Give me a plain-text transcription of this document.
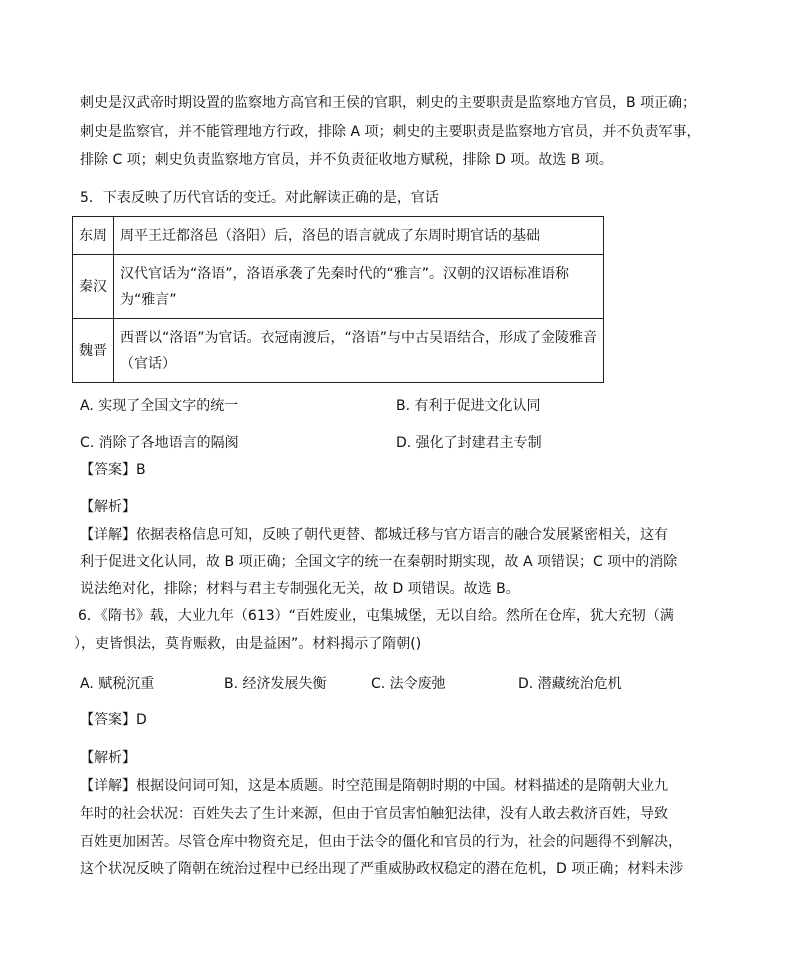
刺史是汉武帝时期设置的监察地方高官和王侯的官职，刺史的主要职责是监察地方官员，B 项正确；
刺史是监察官，并不能管理地方行政，排除 A 项；刺史的主要职责是监察地方官员，并不负责军事，
排除 C 项；刺史负责监察地方官员，并不负责征收地方赋税，排除 D 项。故选 B 项。
5．下表反映了历代官话的变迁。对此解读正确的是，官话
东周	周平王迁都洛邑（洛阳）后，洛邑的语言就成了东周时期官话的基础
秦汉	汉代官话为“洛语”，洛语承袭了先秦时代的“雅言”。汉朝的汉语标准语称为“雅言”
魏晋	西晋以“洛语”为官话。衣冠南渡后，“洛语”与中古吴语结合，形成了金陵雅音（官话）
A. 实现了全国文字的统一	B. 有利于促进文化认同
C. 消除了各地语言的隔阂	D. 强化了封建君主专制
【答案】B
【解析】
【详解】依据表格信息可知，反映了朝代更替、都城迁移与官方语言的融合发展紧密相关，这有
利于促进文化认同，故 B 项正确；全国文字的统一在秦朝时期实现，故 A 项错误；C 项中的消除
说法绝对化，排除；材料与君主专制强化无关，故 D 项错误。故选 B。
6．《隋书》载，大业九年（613）“百姓废业，屯集城堡，无以自给。然所在仓库，犹大充牣（满
），吏皆惧法，莫肯赈救，由是益困”。材料揭示了隋朝()
A. 赋税沉重	B. 经济发展失衡	C. 法令废弛	D. 潜藏统治危机
【答案】D
【解析】
【详解】根据设问词可知，这是本质题。时空范围是隋朝时期的中国。材料描述的是隋朝大业九
年时的社会状况：百姓失去了生计来源，但由于官员害怕触犯法律，没有人敢去救济百姓，导致
百姓更加困苦。尽管仓库中物资充足，但由于法令的僵化和官员的行为，社会的问题得不到解决，
这个状况反映了隋朝在统治过程中已经出现了严重威胁政权稳定的潜在危机，D 项正确；材料未涉
